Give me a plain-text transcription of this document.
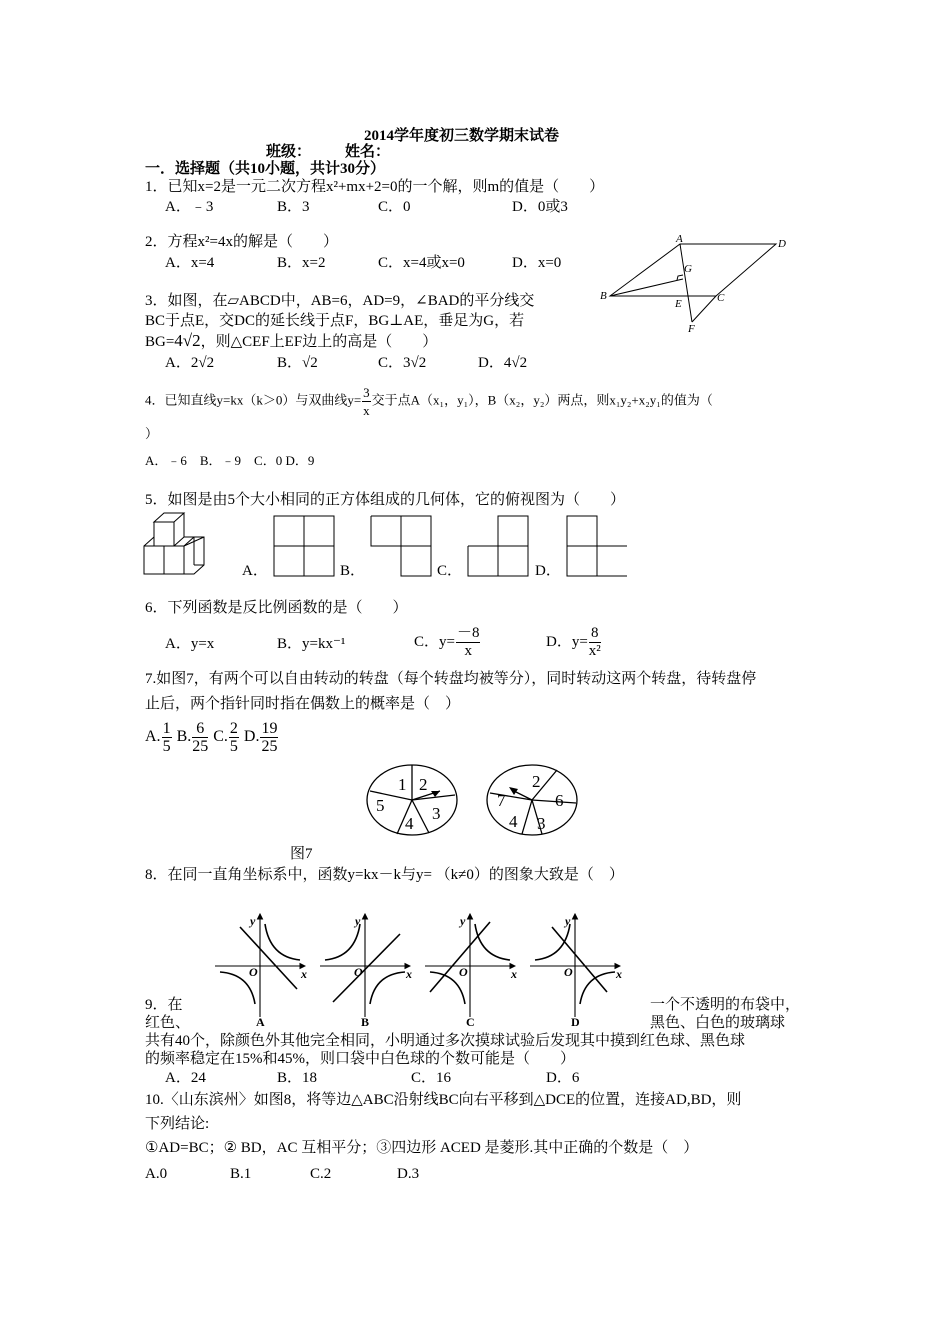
2014学年度初三数学期末试卷
班级： 姓名：
一．选择题（共10小题，共计30分）
1．已知x=2是一元二次方程x²+mx+2=0的一个解，则m的值是（　　）
A．﹣3	B．3	C．0	D．0或3
2．方程x²=4x的解是（　　）
A．x=4	B．x=2	C．x=4或x=0	D．x=0
A	D
G
B
E	C
F
3．如图，在▱ABCD中，AB=6，AD=9，∠BAD的平分线交
BC于点E，交DC的延长线于点F，BG⊥AE，垂足为G，若
BG=4√2，则△CEF上EF边上的高是（　　）
A．2√2	B．√2	C．3√2	D．4√2
4．已知直线y=kx（k＞0）与双曲线$y= \frac{3}{x}$ 交于点A（x₁，y₁），B（x₂，y₂）两点，则x₁y₂+x₂y₁的值为（
）
A．﹣6　B．﹣9　C．0 D．9
5．如图是由5个大小相同的正方体组成的几何体，它的俯视图为（　　）
A．	B．	C．	D．
6．下列函数是反比例函数的是（　　）
A．y=x	B．y=kx⁻¹	C．$y= \frac{-8}{x}$	D．$y= \frac{8}{\text{x²}}$
7.如图7，有两个可以自由转动的转盘（每个转盘均被等分），同时转动这两个转盘，待转盘停
止后，两个指针同时指在偶数上的概率是（　）
A. $\frac{1}{5} B$. $\frac{6}{25} C$. $\frac{2}{5} D$. $\frac{19}{25}$
1 2
5	3
4
2
7	6
4 3
图7
8．在同一直角坐标系中，函数y=kx－k与y= （k≠0）的图象大致是（　）
y
x
O
y
x
O
y
x
O
y
x
O
A	B	C	D
9．在	一个不透明的布袋中，
红色、	黑色、白色的玻璃球
共有40个，除颜色外其他完全相同，小明通过多次摸球试验后发现其中摸到红色球、黑色球
的频率稳定在15%和45%，则口袋中白色球的个数可能是（　　）
A．24	B．18	C．16	D．6
10.〈山东滨州〉如图8，将等边△ABC沿射线BC向右平移到△DCE的位置，连接AD,BD，则
下列结论:
①AD=BC；② BD，AC 互相平分；③四边形 ACED 是菱形.其中正确的个数是（　）
A.0	B.1	C.2	D.3
